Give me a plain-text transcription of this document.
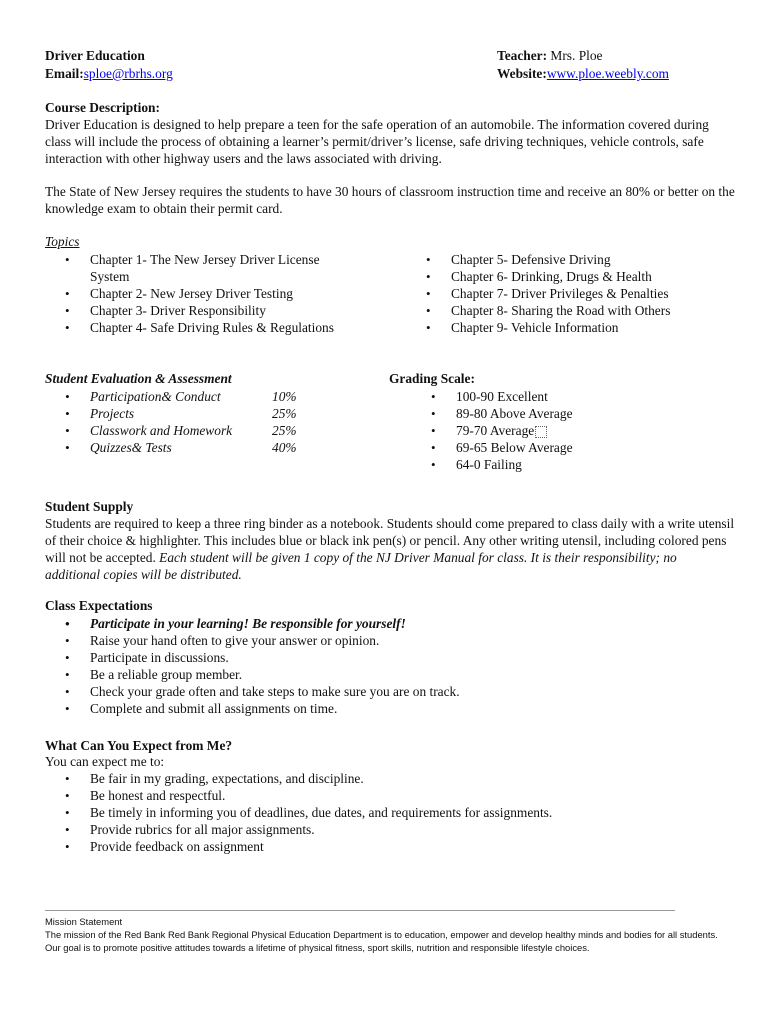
Driver Education
Email:sploe@rbrhs.org
Teacher: Mrs. Ploe
Website:www.ploe.weebly.com
Course Description:
Driver Education is designed to help prepare a teen for the safe operation of an automobile. The information covered during class will include the process of obtaining a learner’s permit/driver’s license, safe driving techniques, vehicle controls, safe interaction with other highway users and the laws associated with driving.
The State of New Jersey requires the students to have 30 hours of classroom instruction time and receive an 80% or better on the knowledge exam to obtain their permit card.
Topics
• Chapter 1- The New Jersey Driver License System
• Chapter 2- New Jersey Driver Testing
• Chapter 3- Driver Responsibility
• Chapter 4- Safe Driving Rules & Regulations
• Chapter 5- Defensive Driving
• Chapter 6- Drinking, Drugs & Health
• Chapter 7- Driver Privileges & Penalties
• Chapter 8- Sharing the Road with Others
• Chapter 9- Vehicle Information
Student Evaluation & Assessment
• Participation& Conduct	10%
• Projects	25%
• Classwork and Homework	25%
• Quizzes& Tests	40%
Grading Scale:
• 100-90 Excellent
• 89-80 Above Average
• 79-70 Average
• 69-65 Below Average
• 64-0 Failing
Student Supply
Students are required to keep a three ring binder as a notebook. Students should come prepared to class daily with a write utensil of their choice & highlighter. This includes blue or black ink pen(s) or pencil. Any other writing utensil, including colored pens will not be accepted. Each student will be given 1 copy of the NJ Driver Manual for class. It is their responsibility; no additional copies will be distributed.
Class Expectations
• Participate in your learning! Be responsible for yourself!
• Raise your hand often to give your answer or opinion.
• Participate in discussions.
• Be a reliable group member.
• Check your grade often and take steps to make sure you are on track.
• Complete and submit all assignments on time.
What Can You Expect from Me?
You can expect me to:
• Be fair in my grading, expectations, and discipline.
• Be honest and respectful.
• Be timely in informing you of deadlines, due dates, and requirements for assignments.
• Provide rubrics for all major assignments.
• Provide feedback on assignment
Mission Statement
The mission of the Red Bank Red Bank Regional Physical Education Department is to education, empower and develop healthy minds and bodies for all students. Our goal is to promote positive attitudes towards a lifetime of physical fitness, sport skills, nutrition and responsible lifestyle choices.
